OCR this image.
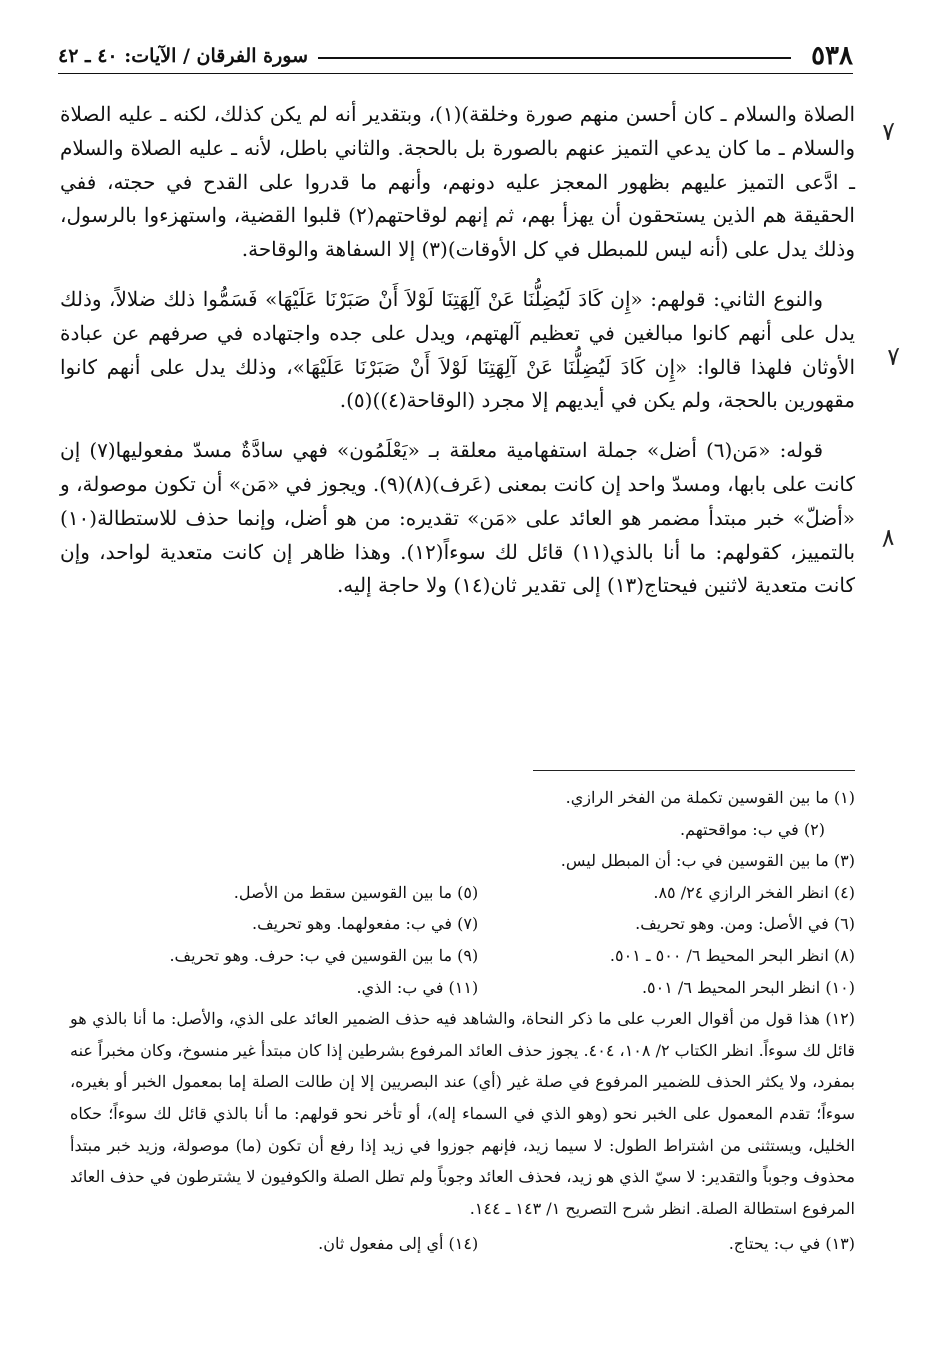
٥٣٨
سورة الفرقان / الآيات: ٤٠ ـ ٤٢
٧
٧
٨

الصلاة والسلام ـ كان أحسن منهم صورة وخلقة)(١)، وبتقدير أنه لم يكن كذلك، لكنه ـ عليه الصلاة والسلام ـ ما كان يدعي التميز عنهم بالصورة بل بالحجة. والثاني باطل، لأنه ـ عليه الصلاة والسلام ـ ادَّعى التميز عليهم بظهور المعجز عليه دونهم، وأنهم ما قدروا على القدح في حجته، ففي الحقيقة هم الذين يستحقون أن يهزأ بهم، ثم إنهم لوقاحتهم(٢) قلبوا القضية، واستهزءوا بالرسول، وذلك يدل على (أنه ليس للمبطل في كل الأوقات)(٣) إلا السفاهة والوقاحة.

والنوع الثاني: قولهم: «إِن كَادَ لَيُضِلُّنَا عَنْ آلِهَتِنَا لَوْلاَ أَنْ صَبَرْنَا عَلَيْهَا» فَسَمُّوا ذلك ضلالاً، وذلك يدل على أنهم كانوا مبالغين في تعظيم آلهتهم، ويدل على جده واجتهاده في صرفهم عن عبادة الأوثان فلهذا قالوا: «إِن كَادَ لَيُضِلُّنَا عَنْ آلِهَتِنَا لَوْلاَ أَنْ صَبَرْنَا عَلَيْهَا»، وذلك يدل على أنهم كانوا مقهورين بالحجة، ولم يكن في أيديهم إلا مجرد (الوقاحة(٤))(٥).

قوله: «مَن(٦) أضل» جملة استفهامية معلقة بـ «يَعْلَمُون» فهي سادَّةٌ مسدّ مفعوليها(٧) إن كانت على بابها، ومسدّ واحد إن كانت بمعنى (عَرف)(٨)(٩). ويجوز في «مَن» أن تكون موصولة، و «أضلّ» خبر مبتدأ مضمر هو العائد على «مَن» تقديره: من هو أضل، وإنما حذف للاستطالة(١٠) بالتمييز، كقولهم: ما أنا بالذي(١١) قائل لك سوءاً(١٢). وهذا ظاهر إن كانت متعدية لواحد، وإن كانت متعدية لاثنين فيحتاج(١٣) إلى تقدير ثان(١٤) ولا حاجة إليه.

(١) ما بين القوسين تكملة من الفخر الرازي.
(٢) في ب: مواقحتهم.
(٣) ما بين القوسين في ب: أن المبطل ليس.
(٤) انظر الفخر الرازي ٢٤/ ٨٥.
(٥) ما بين القوسين سقط من الأصل.
(٦) في الأصل: ومن. وهو تحريف.
(٧) في ب: مفعولهما. وهو تحريف.
(٨) انظر البحر المحيط ٦/ ٥٠٠ ـ ٥٠١.
(٩) ما بين القوسين في ب: حرف. وهو تحريف.
(١٠) انظر البحر المحيط ٦/ ٥٠١.
(١١) في ب: الذي.
(١٢) هذا قول من أقوال العرب على ما ذكر النحاة، والشاهد فيه حذف الضمير العائد على الذي، والأصل: ما أنا بالذي هو قائل لك سوءاً. انظر الكتاب ٢/ ١٠٨، ٤٠٤. يجوز حذف العائد المرفوع بشرطين إذا كان مبتدأ غير منسوخ، وكان مخبراً عنه بمفرد، ولا يكثر الحذف للضمير المرفوع في صلة غير (أي) عند البصريين إلا إن طالت الصلة إما بمعمول الخبر أو بغيره، سوءاً؛ تقدم المعمول على الخبر نحو (وهو الذي في السماء إله)، أو تأخر نحو قولهم: ما أنا بالذي قائل لك سوءاً؛ حكاه الخليل، ويستثنى من اشتراط الطول: لا سيما زيد، فإنهم جوزوا في زيد إذا رفع أن تكون (ما) موصولة، وزيد خبر مبتدأ محذوف وجوباً والتقدير: لا سيّ الذي هو زيد، فحذف العائد وجوباً ولم تطل الصلة والكوفيون لا يشترطون في حذف العائد المرفوع استطالة الصلة. انظر شرح التصريح ١/ ١٤٣ ـ ١٤٤.
(١٣) في ب: يحتاج.
(١٤) أي إلى مفعول ثان.
